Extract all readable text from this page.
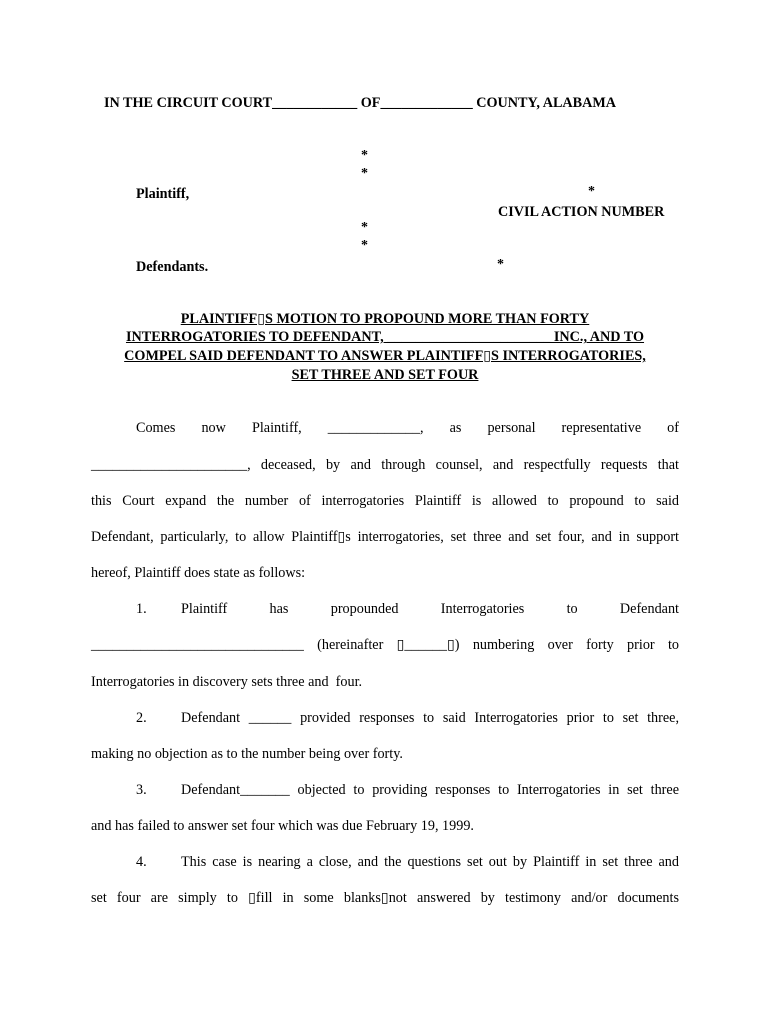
IN THE CIRCUIT COURT____________ OF_____________ COUNTY, ALABAMA
*
*
Plaintiff,	*
CIVIL ACTION NUMBER
*
*
Defendants.	*
PLAINTIFF▯S MOTION TO PROPOUND MORE THAN FORTY
INTERROGATORIES TO DEFENDANT, _______________________ INC., AND TO
COMPEL SAID DEFENDANT TO ANSWER PLAINTIFF▯S INTERROGATORIES,
SET THREE AND SET FOUR
Comes now Plaintiff, _____________, as personal representative of
______________________, deceased, by and through counsel, and respectfully requests that
this Court expand the number of interrogatories Plaintiff is allowed to propound to said
Defendant, particularly, to allow Plaintiff▯s interrogatories, set three and set four, and in support
hereof, Plaintiff does state as follows:
1. Plaintiff has propounded Interrogatories to Defendant
______________________________ (hereinafter ▯______▯) numbering over forty prior to
Interrogatories in discovery sets three and  four.
2. Defendant ______ provided responses to said Interrogatories prior to set three,
making no objection as to the number being over forty.
3. Defendant_______ objected to providing responses to Interrogatories in set three
and has failed to answer set four which was due February 19, 1999.
4. This case is nearing a close, and the questions set out by Plaintiff in set three and
set four are simply to ▯fill in some blanks▯not answered by testimony and/or documents
